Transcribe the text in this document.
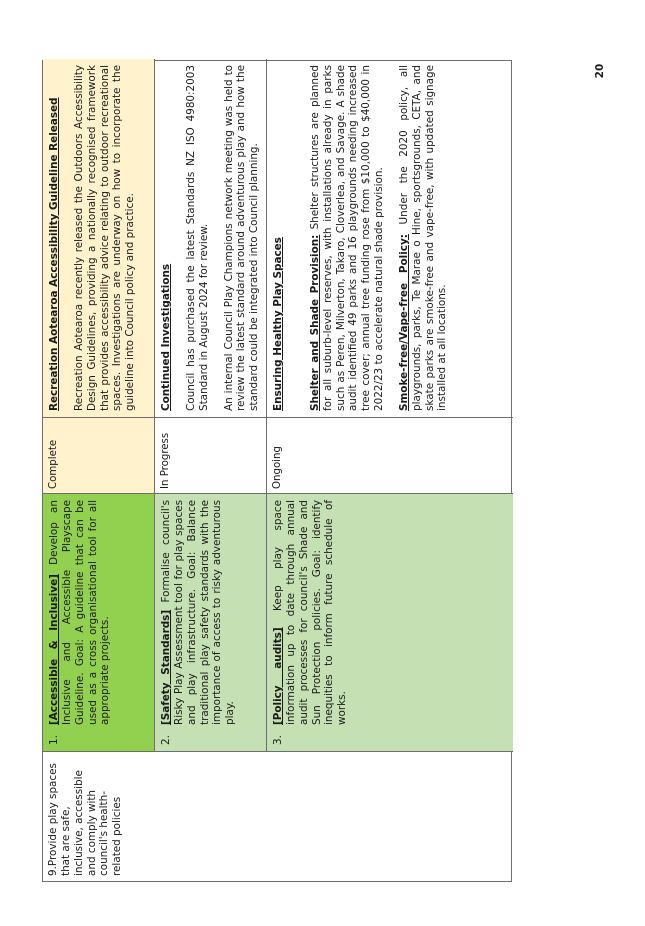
20
9.Provide play spaces that are safe, inclusive, accessible and comply with council's health-related policies
1.
[Accessible & Inclusive] Develop an Inclusive and Accessible Playscape Guideline. Goal: A guideline that can be used as a cross organisational tool for all appropriate projects.
Complete

Recreation Aotearoa Accessibility Guideline Released Recreation Aotearoa recently released the Outdoors Accessibility Design Guidelines, providing a nationally recognised framework that provides accessibility advice relating to outdoor recreational spaces. Investigations are underway on how to incorporate the guideline into Council policy and practice.

2.
[Safety Standards] Formalise council's Risky Play Assessment tool for play spaces and play infrastructure. Goal: Balance traditional play safety standards with the importance of access to risky adventurous play.
In Progress

Continued Investigations Council has purchased the latest Standards NZ ISO 4980:2003 Standard in August 2024 for review. An internal Council Play Champions network meeting was held to review the latest standard around adventurous play and how the standard could be integrated into Council planning.

3.
[Policy audits] Keep play space information up to date through annual audit processes for council's Shade and Sun Protection policies. Goal: identify inequities to inform future schedule of works.
Ongoing

Ensuring Healthy Play Spaces Shelter and Shade Provision: Shelter structures are planned for all suburb-level reserves, with installations already in parks such as Peren, Milverton, Takaro, Cloverlea, and Savage. A shade audit identified 49 parks and 16 playgrounds needing increased tree cover; annual tree funding rose from $10,000 to $40,000 in 2022/23 to accelerate natural shade provision. Smoke-free/Vape-free Policy: Under the 2020 policy, all playgrounds, parks, Te Marae o Hine, sportsgrounds, CETA, and skate parks are smoke-free and vape-free, with updated signage installed at all locations.
